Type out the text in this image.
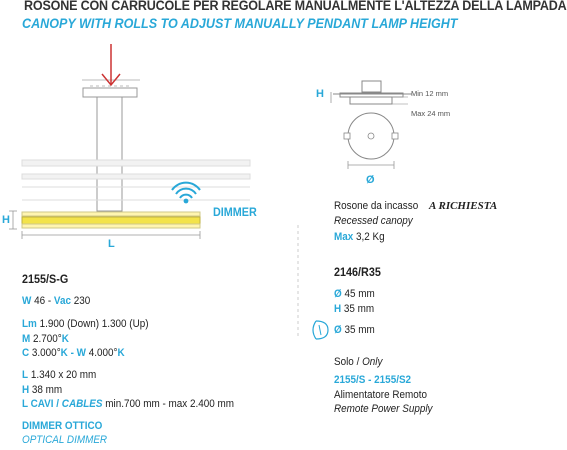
ROSONE CON CARRUCOLE PER REGOLARE MANUALMENTE L'ALTEZZA DELLA LAMPADA
CANOPY WITH ROLLS TO ADJUST MANUALLY PENDANT LAMP HEIGHT
DIMMER
H
L
H	Min 12 mm
Max 24 mm
Ø
Rosone da incasso
Recessed canopy
Max 3,2 Kg
A RICHIESTA
2155/S-G
W 46 - Vac 230
Lm 1.900 (Down) 1.300 (Up)
M 2.700°K
C 3.000°K - W 4.000°K
L 1.340 x 20 mm
H 38 mm
L CAVI / CABLES min.700 mm - max 2.400 mm
DIMMER OTTICO
OPTICAL DIMMER
2146/R35
Ø 45 mm
H 35 mm
Ø 35 mm
Solo / Only
2155/S - 2155/S2
Alimentatore Remoto
Remote Power Supply
